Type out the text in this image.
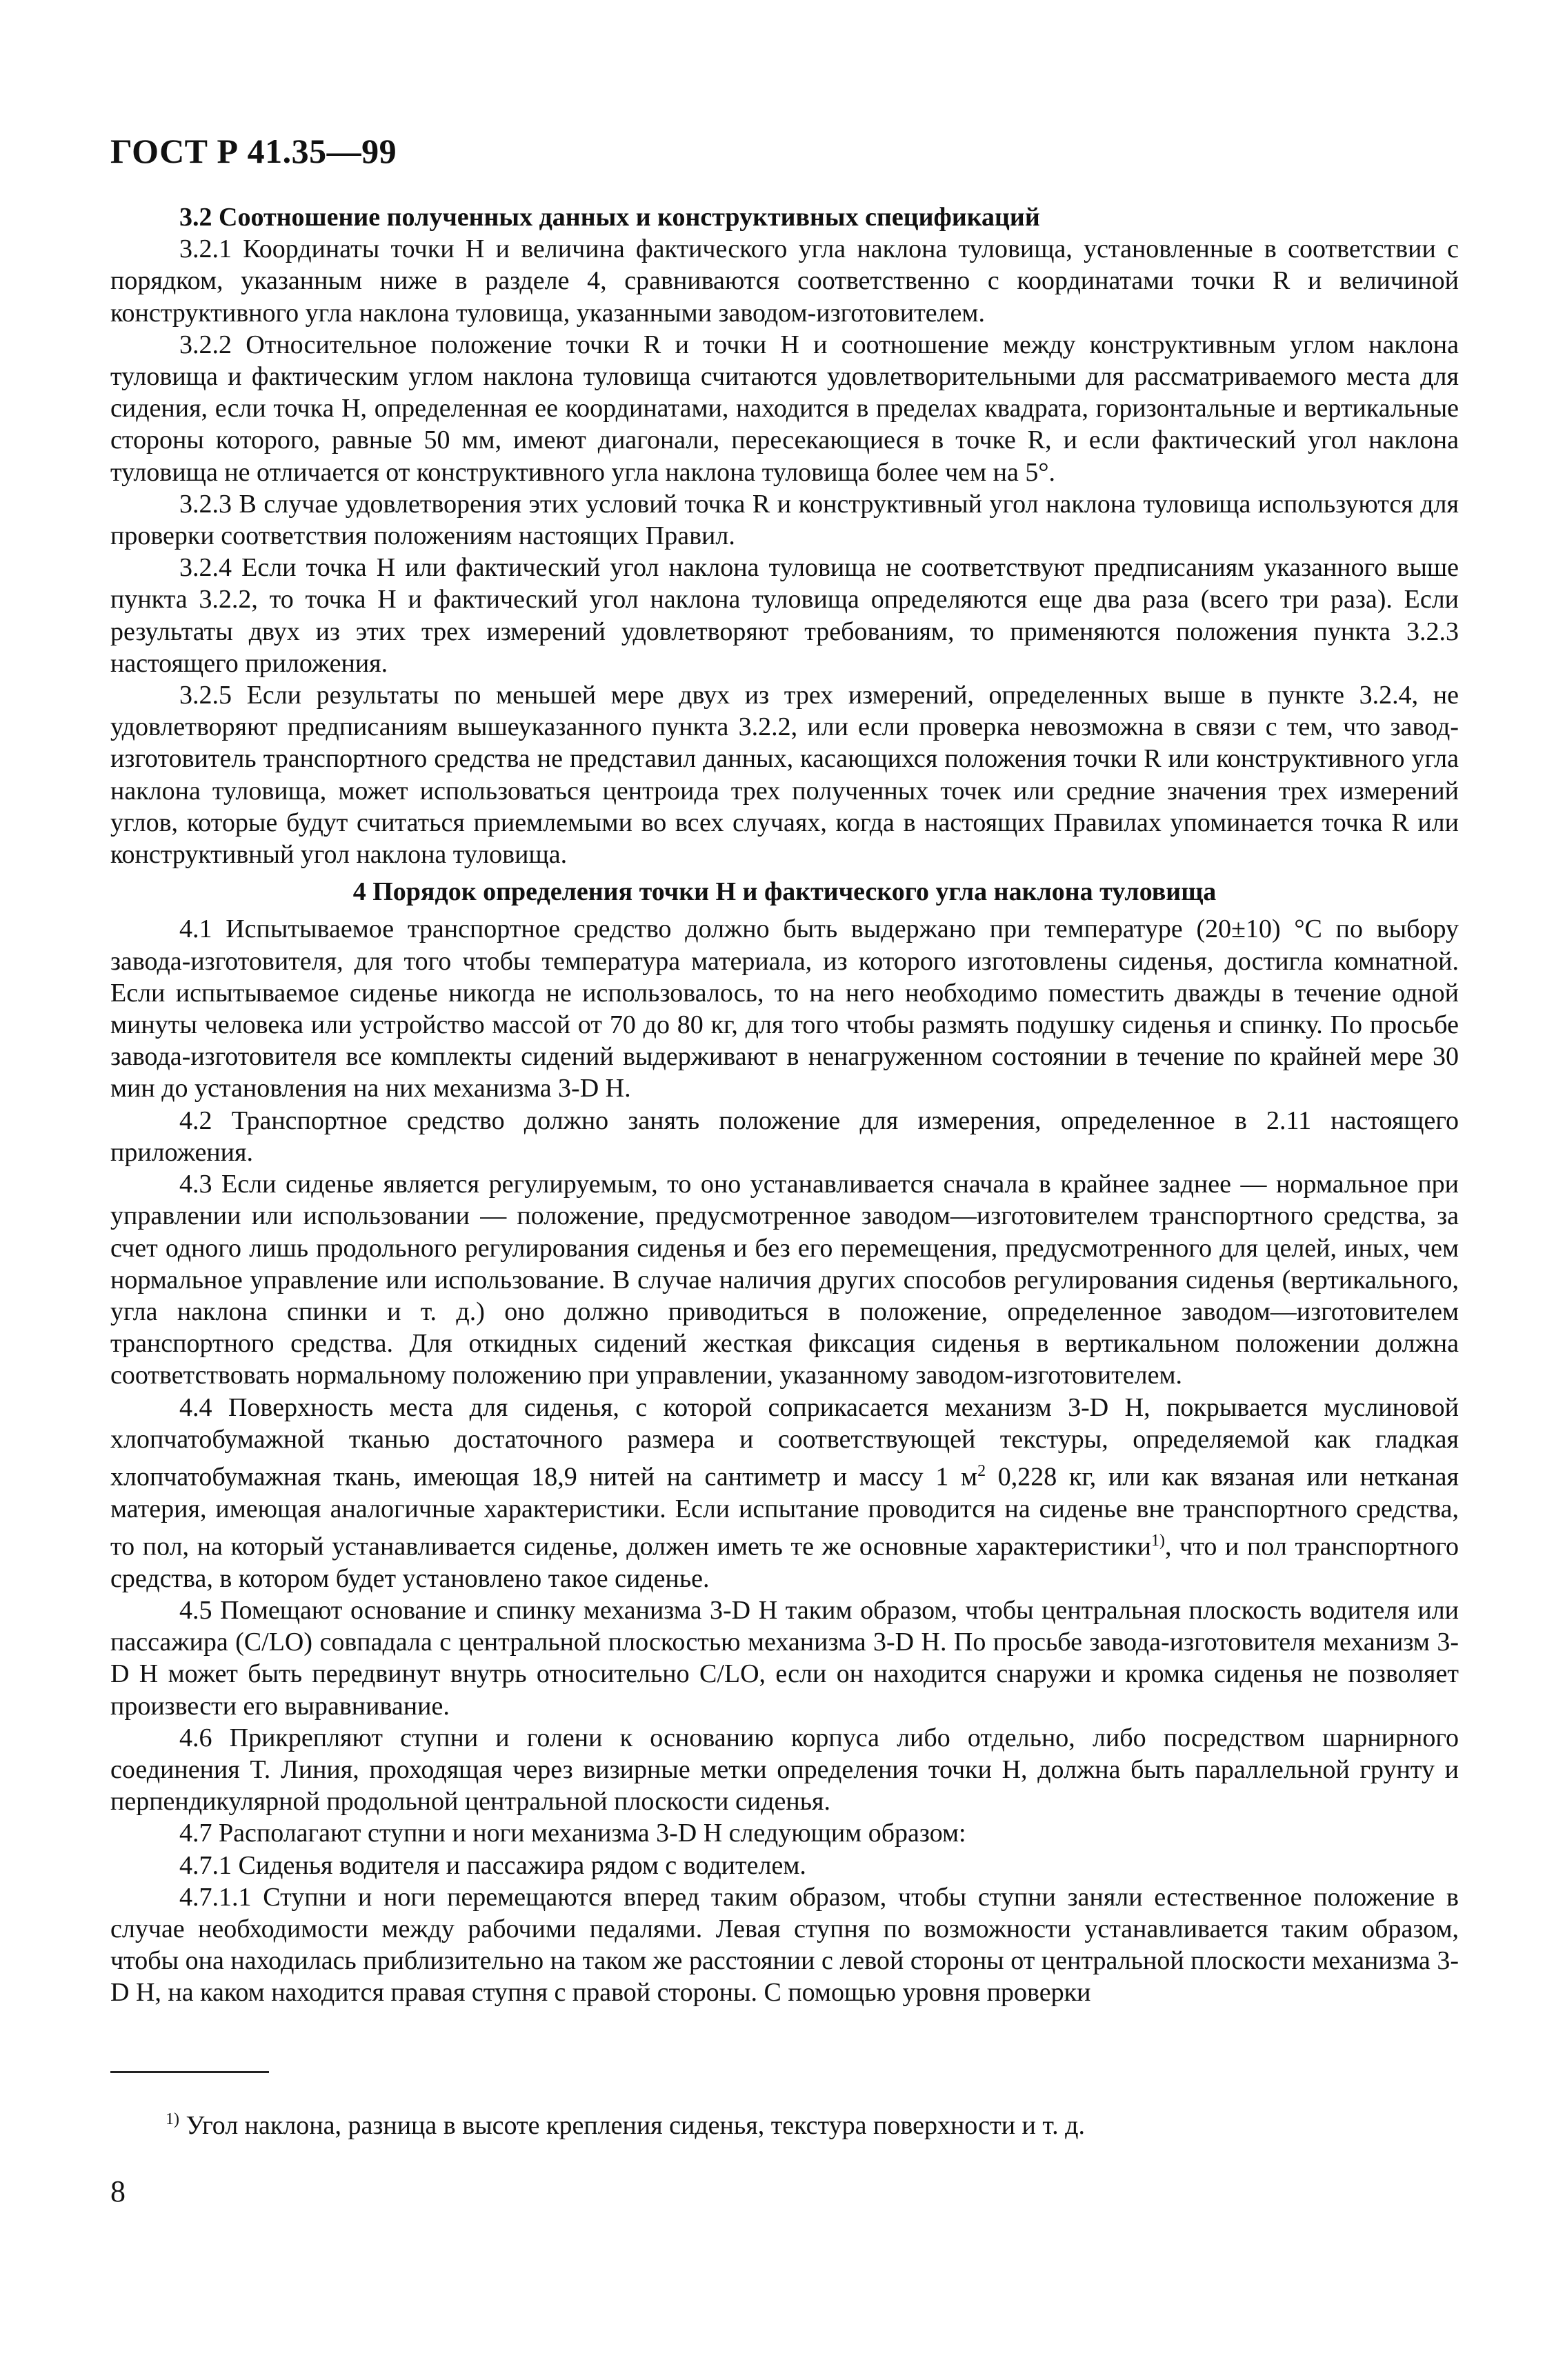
ГОСТ Р 41.35—99
3.2 Соотношение полученных данных и конструктивных спецификаций

3.2.1 Координаты точки H и величина фактического угла наклона туловища, установленные в соответствии с порядком, указанным ниже в разделе 4, сравниваются соответственно с координатами точки R и величиной конструктивного угла наклона туловища, указанными заводом-изготовителем.

3.2.2 Относительное положение точки R и точки H и соотношение между конструктивным углом наклона туловища и фактическим углом наклона туловища считаются удовлетворительными для рассматриваемого места для сидения, если точка H, определенная ее координатами, находится в пределах квадрата, горизонтальные и вертикальные стороны которого, равные 50 мм, имеют диагонали, пересекающиеся в точке R, и если фактический угол наклона туловища не отличается от конструктивного угла наклона туловища более чем на 5°.

3.2.3 В случае удовлетворения этих условий точка R и конструктивный угол наклона туловища используются для проверки соответствия положениям настоящих Правил.

3.2.4 Если точка H или фактический угол наклона туловища не соответствуют предписаниям указанного выше пункта 3.2.2, то точка H и фактический угол наклона туловища определяются еще два раза (всего три раза). Если результаты двух из этих трех измерений удовлетворяют требованиям, то применяются положения пункта 3.2.3 настоящего приложения.

3.2.5 Если результаты по меньшей мере двух из трех измерений, определенных выше в пункте 3.2.4, не удовлетворяют предписаниям вышеуказанного пункта 3.2.2, или если проверка невозможна в связи с тем, что завод-изготовитель транспортного средства не представил данных, касающихся положения точки R или конструктивного угла наклона туловища, может использоваться центроида трех полученных точек или средние значения трех измерений углов, которые будут считаться приемлемыми во всех случаях, когда в настоящих Правилах упоминается точка R или конструктивный угол наклона туловища.

4 Порядок определения точки H и фактического угла наклона туловища

4.1 Испытываемое транспортное средство должно быть выдержано при температуре (20±10) °С по выбору завода-изготовителя, для того чтобы температура материала, из которого изготовлены сиденья, достигла комнатной. Если испытываемое сиденье никогда не использовалось, то на него необходимо поместить дважды в течение одной минуты человека или устройство массой от 70 до 80 кг, для того чтобы размять подушку сиденья и спинку. По просьбе завода-изготовителя все комплекты сидений выдерживают в ненагруженном состоянии в течение по крайней мере 30 мин до установления на них механизма 3-D H.

4.2 Транспортное средство должно занять положение для измерения, определенное в 2.11 настоящего приложения.

4.3 Если сиденье является регулируемым, то оно устанавливается сначала в крайнее заднее — нормальное при управлении или использовании — положение, предусмотренное заводом—изготовителем транспортного средства, за счет одного лишь продольного регулирования сиденья и без его перемещения, предусмотренного для целей, иных, чем нормальное управление или использование. В случае наличия других способов регулирования сиденья (вертикального, угла наклона спинки и т. д.) оно должно приводиться в положение, определенное заводом—изготовителем транспортного средства. Для откидных сидений жесткая фиксация сиденья в вертикальном положении должна соответствовать нормальному положению при управлении, указанному заводом-изготовителем.

4.4 Поверхность места для сиденья, с которой соприкасается механизм 3-D H, покрывается муслиновой хлопчатобумажной тканью достаточного размера и соответствующей текстуры, определяемой как гладкая хлопчатобумажная ткань, имеющая 18,9 нитей на сантиметр и массу 1 $м^2$ 0,228 кг, или как вязаная или нетканая материя, имеющая аналогичные характеристики. Если испытание проводится на сиденье вне транспортного средства, то пол, на который устанавливается сиденье, должен иметь те же основные характеристики$^{1)}$, что и пол транспортного средства, в котором будет установлено такое сиденье.

4.5 Помещают основание и спинку механизма 3-D H таким образом, чтобы центральная плоскость водителя или пассажира (C/LO) совпадала с центральной плоскостью механизма 3-D H. По просьбе завода-изготовителя механизм 3-D H может быть передвинут внутрь относительно C/LO, если он находится снаружи и кромка сиденья не позволяет произвести его выравнивание.

4.6 Прикрепляют ступни и голени к основанию корпуса либо отдельно, либо посредством шарнирного соединения T. Линия, проходящая через визирные метки определения точки H, должна быть параллельной грунту и перпендикулярной продольной центральной плоскости сиденья.

4.7 Располагают ступни и ноги механизма 3-D H следующим образом:

4.7.1 Сиденья водителя и пассажира рядом с водителем.

4.7.1.1 Ступни и ноги перемещаются вперед таким образом, чтобы ступни заняли естественное положение в случае необходимости между рабочими педалями. Левая ступня по возможности устанавливается таким образом, чтобы она находилась приблизительно на таком же расстоянии с левой стороны от центральной плоскости механизма 3-D H, на каком находится правая ступня с правой стороны. С помощью уровня проверки

$^{1)}$ Угол наклона, разница в высоте крепления сиденья, текстура поверхности и т. д.
8
